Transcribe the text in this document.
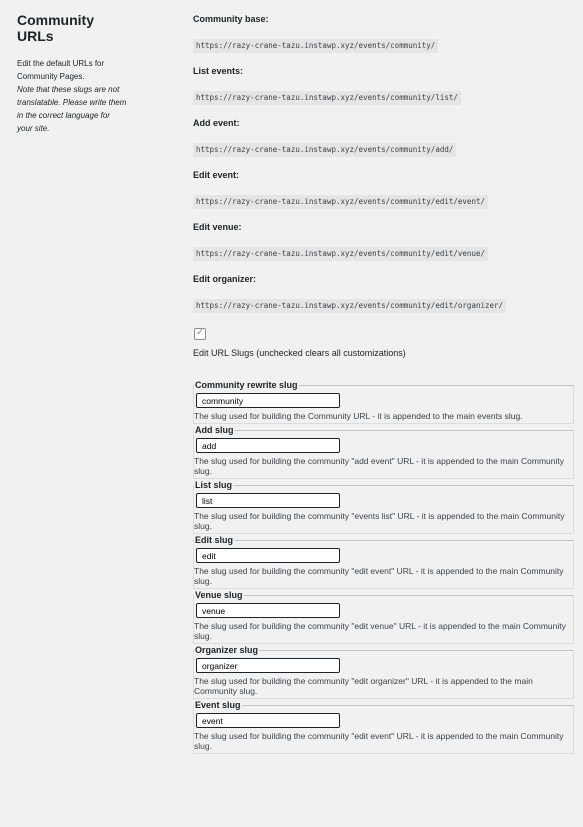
Community URLs

Edit the default URLs for Community Pages.

Note that these slugs are not translatable. Please write them in the correct language for your site.

Community base:
https://razy-crane-tazu.instawp.xyz/events/community/
List events:
https://razy-crane-tazu.instawp.xyz/events/community/list/
Add event:
https://razy-crane-tazu.instawp.xyz/events/community/add/
Edit event:
https://razy-crane-tazu.instawp.xyz/events/community/edit/event/
Edit venue:
https://razy-crane-tazu.instawp.xyz/events/community/edit/venue/
Edit organizer:
https://razy-crane-tazu.instawp.xyz/events/community/edit/organizer/
✓
Edit URL Slugs (unchecked clears all customizations)
Community rewrite slug
community
The slug used for building the Community URL - it is appended to the main events slug.
Add slug
add
The slug used for building the community "add event" URL - it is appended to the main Community slug.
List slug
list
The slug used for building the community "events list" URL - it is appended to the main Community slug.
Edit slug
edit
The slug used for building the community "edit event" URL - it is appended to the main Community slug.
Venue slug
venue
The slug used for building the community "edit venue" URL - it is appended to the main Community slug.
Organizer slug
organizer
The slug used for building the community "edit organizer" URL - it is appended to the main Community slug.
Event slug
event
The slug used for building the community "edit event" URL - it is appended to the main Community slug.
